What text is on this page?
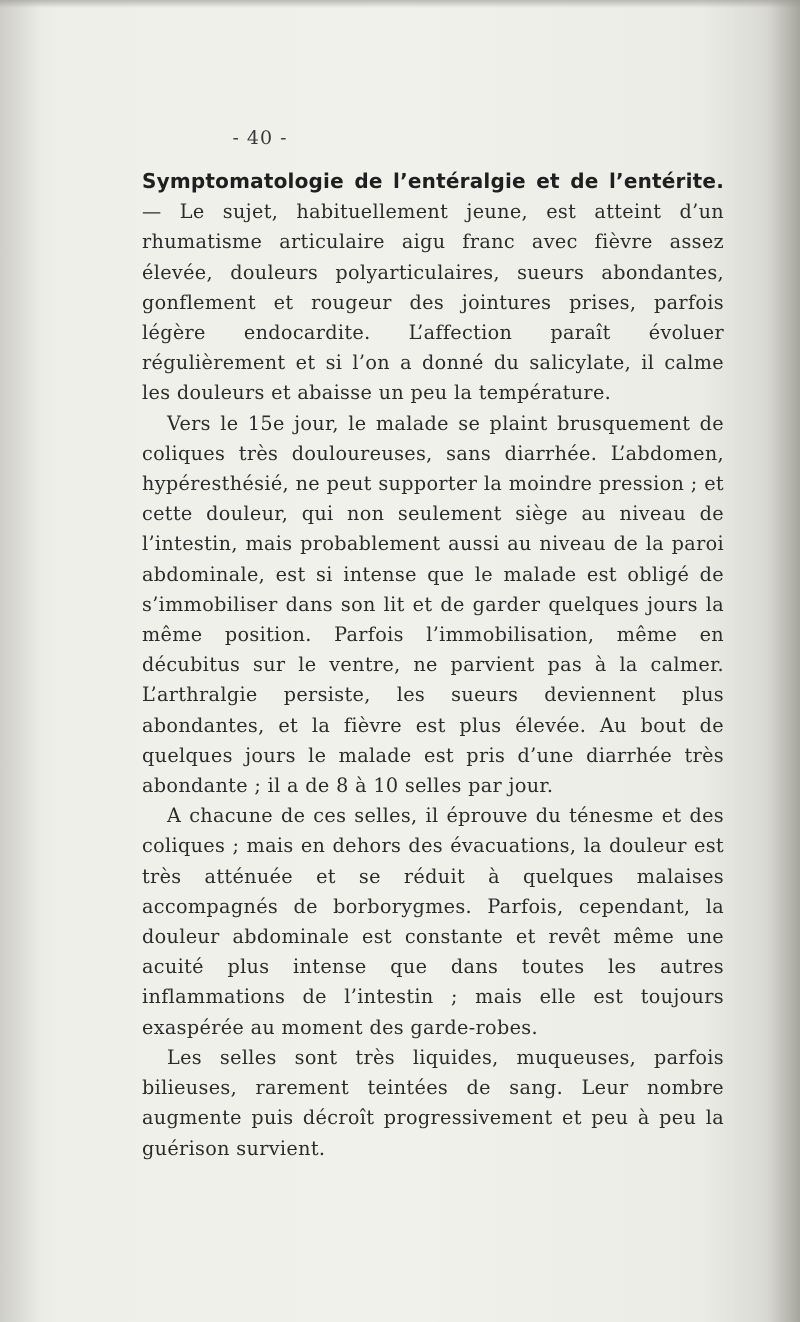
- 40 -

Symptomatologie de l’entéralgie et de l’entérite. — Le sujet, habituellement jeune, est atteint d’un rhumatisme articulaire aigu franc avec fièvre assez élevée, douleurs polyarticulaires, sueurs abondantes, gonflement et rougeur des jointures prises, parfois légère endocardite. L’affection paraît évoluer régulièrement et si l’on a donné du salicylate, il calme les douleurs et abaisse un peu la température.

Vers le 15e jour, le malade se plaint brusquement de coliques très douloureuses, sans diarrhée. L’abdomen, hypéresthésié, ne peut supporter la moindre pression ; et cette douleur, qui non seulement siège au niveau de l’intestin, mais probablement aussi au niveau de la paroi abdominale, est si intense que le malade est obligé de s’immobiliser dans son lit et de garder quelques jours la même position. Parfois l’immobilisation, même en décubitus sur le ventre, ne parvient pas à la calmer. L’arthralgie persiste, les sueurs deviennent plus abondantes, et la fièvre est plus élevée. Au bout de quelques jours le malade est pris d’une diarrhée très abondante ; il a de 8 à 10 selles par jour.

A chacune de ces selles, il éprouve du ténesme et des coliques ; mais en dehors des évacuations, la douleur est très atténuée et se réduit à quelques malaises accompagnés de borborygmes. Parfois, cependant, la douleur abdominale est constante et revêt même une acuité plus intense que dans toutes les autres inflammations de l’intestin ; mais elle est toujours exaspérée au moment des garde-robes.

Les selles sont très liquides, muqueuses, parfois bilieuses, rarement teintées de sang. Leur nombre augmente puis décroît progressivement et peu à peu la guérison survient.
